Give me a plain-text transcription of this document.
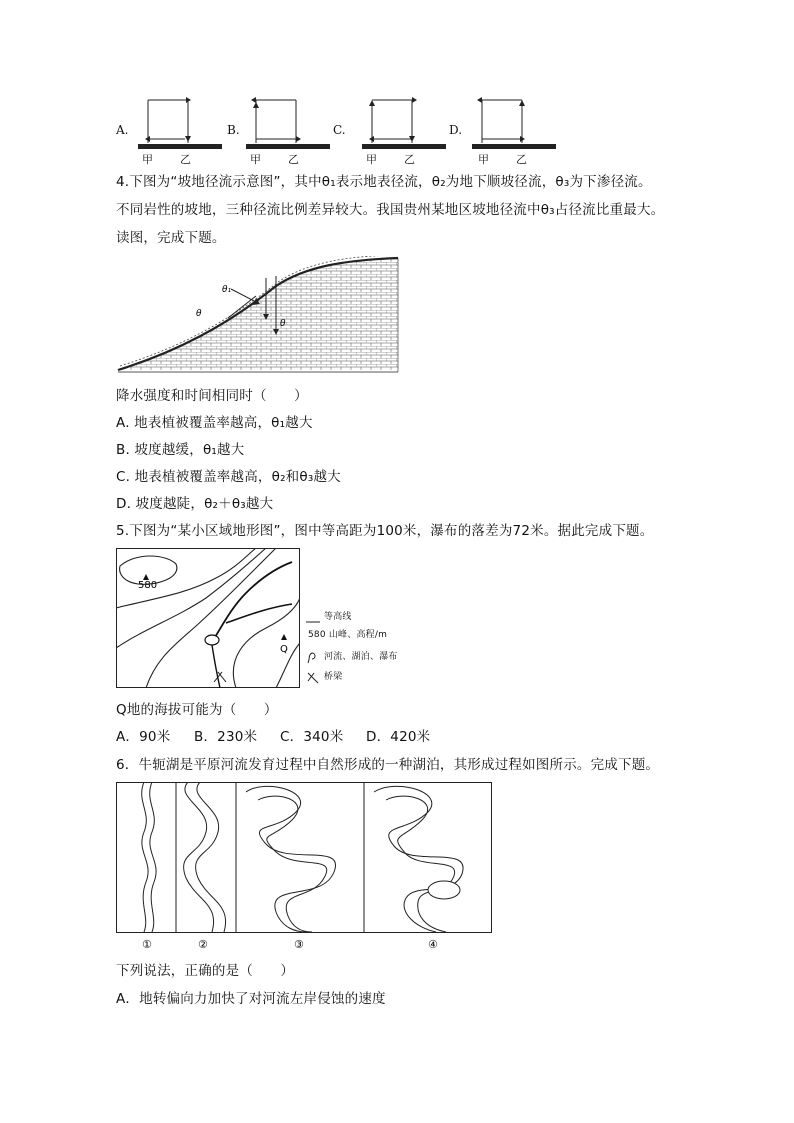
A.
甲 乙
B.
甲 乙
C.
甲 乙
D.
甲 乙
4.下图为“坡地径流示意图”，其中θ₁表示地表径流，θ₂为地下顺坡径流，θ₃为下渗径流。
不同岩性的坡地，三种径流比例差异较大。我国贵州某地区坡地径流中θ₃占径流比重最大。
读图，完成下题。
θ₁
θ
θ
降水强度和时间相同时（　　）
A. 地表植被覆盖率越高，θ₁越大
B. 坡度越缓，θ₁越大
C. 地表植被覆盖率越高，θ₂和θ₃越大
D. 坡度越陡，θ₂＋θ₃越大
5.下图为“某小区域地形图”，图中等高距为100米，瀑布的落差为72米。据此完成下题。
580
Q
等高线
580 山峰、高程/m
河流、湖泊、瀑布
桥梁
Q地的海拔可能为（　　）
A．90米 B．230米 C．340米 D．420米
6．牛轭湖是平原河流发育过程中自然形成的一种湖泊，其形成过程如图所示。完成下题。
①	②	③	④
下列说法，正确的是（　　）
A．地转偏向力加快了对河流左岸侵蚀的速度
